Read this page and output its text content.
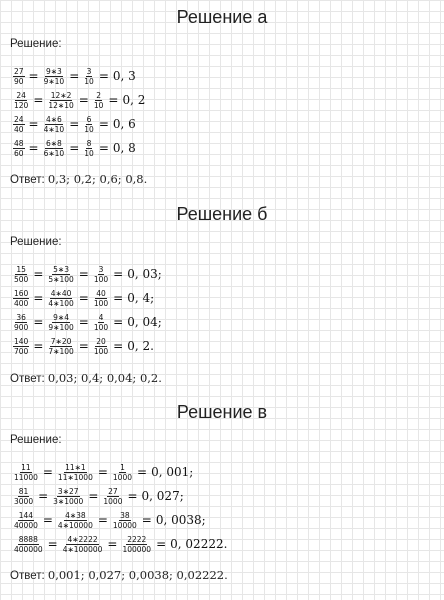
Решение а
Решение:
$\frac{27}{90} = \frac{9∗3}{9∗10} = \frac{3}{10} = 0$, 3
$\frac{24}{120} = \frac{12∗2}{12∗10} = \frac{2}{10} = 0$, 2
$\frac{24}{40} = \frac{4∗6}{4∗10} = \frac{6}{10} = 0$, 6
$\frac{48}{60} = \frac{6∗8}{6∗10} = \frac{8}{10} = 0$, 8
Ответ: 0,3; 0,2; 0,6; 0,8.
Решение б
Решение:
$\frac{15}{500} = \frac{5∗3}{5∗100} = \frac{3}{100} = 0$, 03;
$\frac{160}{400} = \frac{4∗40}{4∗100} = \frac{40}{100} = 0$, 4;
$\frac{36}{900} = \frac{9∗4}{9∗100} = \frac{4}{100} = 0$, 04;
$\frac{140}{700} = \frac{7∗20}{7∗100} = \frac{20}{100} = 0$, 2.
Ответ: 0,03; 0,4; 0,04; 0,2.
Решение в
Решение:
$\frac{11}{11000} = \frac{11∗1}{11∗1000} = \frac{1}{1000} = 0$, 001;
$\frac{81}{3000} = \frac{3∗27}{3∗1000} = \frac{27}{1000} = 0$, 027;
$\frac{144}{40000} = \frac{4∗38}{4∗10000} = \frac{38}{10000} = 0$, 0038;
$\frac{8888}{400000} = \frac{4∗2222}{4∗100000} = \frac{2222}{100000} = 0$, 02222.
Ответ: 0,001; 0,027; 0,0038; 0,02222.
